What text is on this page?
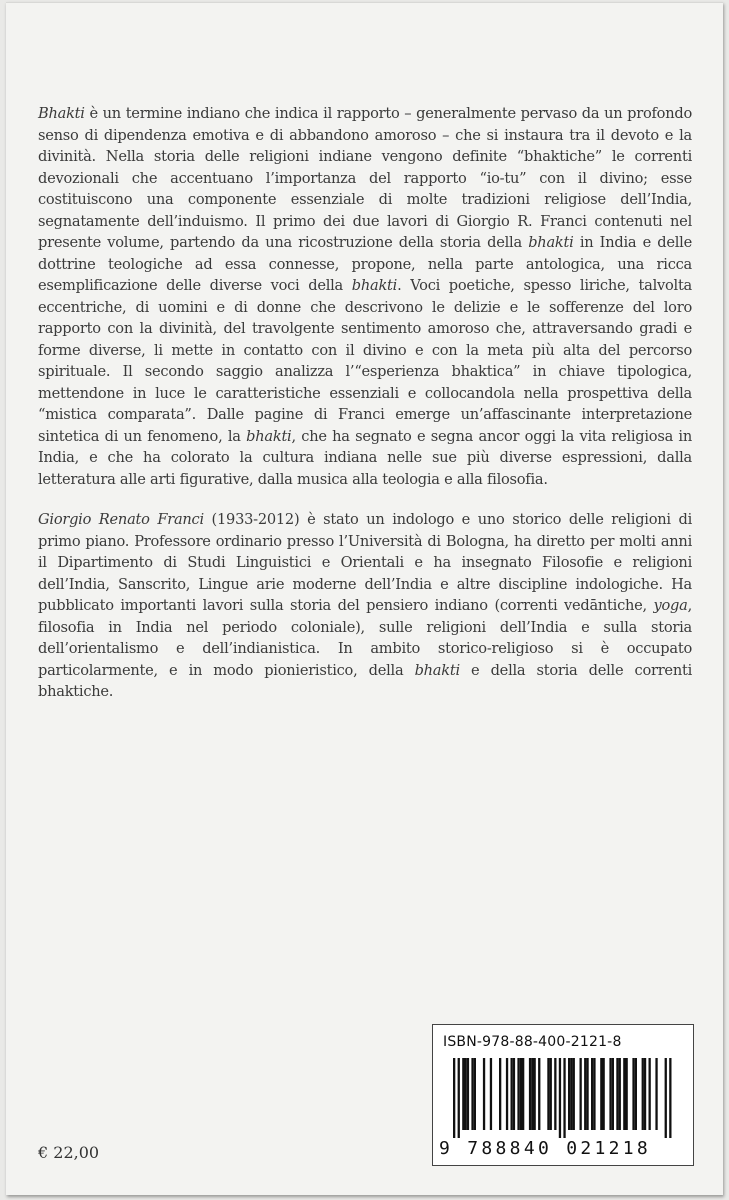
Bhakti è un termine indiano che indica il rapporto – generalmente pervaso da un profondo senso di dipendenza emotiva e di abbandono amoroso – che si instaura tra il devoto e la divinità. Nella storia delle religioni indiane vengono definite “bhaktiche” le correnti devozionali che accentuano l’importanza del rapporto “io-tu” con il divino; esse costituiscono una componente essenziale di molte tradizioni religiose dell’India, segnatamente dell’induismo. Il primo dei due lavori di Giorgio R. Franci contenuti nel presente volume, partendo da una ricostruzione della storia della bhakti in India e delle dottrine teologiche ad essa connesse, propone, nella parte antologica, una ricca esemplificazione delle diverse voci della bhakti. Voci poetiche, spesso liriche, talvolta eccentriche, di uomini e di donne che descrivono le delizie e le sofferenze del loro rapporto con la divinità, del travolgente sentimento amoroso che, attraversando gradi e forme diverse, li mette in contatto con il divino e con la meta più alta del percorso spirituale. Il secondo saggio analizza l’“esperienza bhaktica” in chiave tipologica, mettendone in luce le caratteristiche essenziali e collocandola nella prospettiva della “mistica comparata”. Dalle pagine di Franci emerge un’affascinante interpretazione sintetica di un fenomeno, la bhakti, che ha segnato e segna ancor oggi la vita religiosa in India, e che ha colorato la cultura indiana nelle sue più diverse espressioni, dalla letteratura alle arti figurative, dalla musica alla teologia e alla filosofia.

Giorgio Renato Franci (1933-2012) è stato un indologo e uno storico delle religioni di primo piano. Professore ordinario presso l’Università di Bologna, ha diretto per molti anni il Dipartimento di Studi Linguistici e Orientali e ha insegnato Filosofie e religioni dell’India, Sanscrito, Lingue arie moderne dell’India e altre discipline indologiche. Ha pubblicato importanti lavori sulla storia del pensiero indiano (correnti vedāntiche, yoga, filosofia in India nel periodo coloniale), sulle religioni dell’India e sulla storia dell’orientalismo e dell’indianistica. In ambito storico-religioso si è occupato particolarmente, e in modo pionieristico, della bhakti e della storia delle correnti bhaktiche.

ISBN-978-88-400-2121-8
9 788840 021218
€ 22,00
